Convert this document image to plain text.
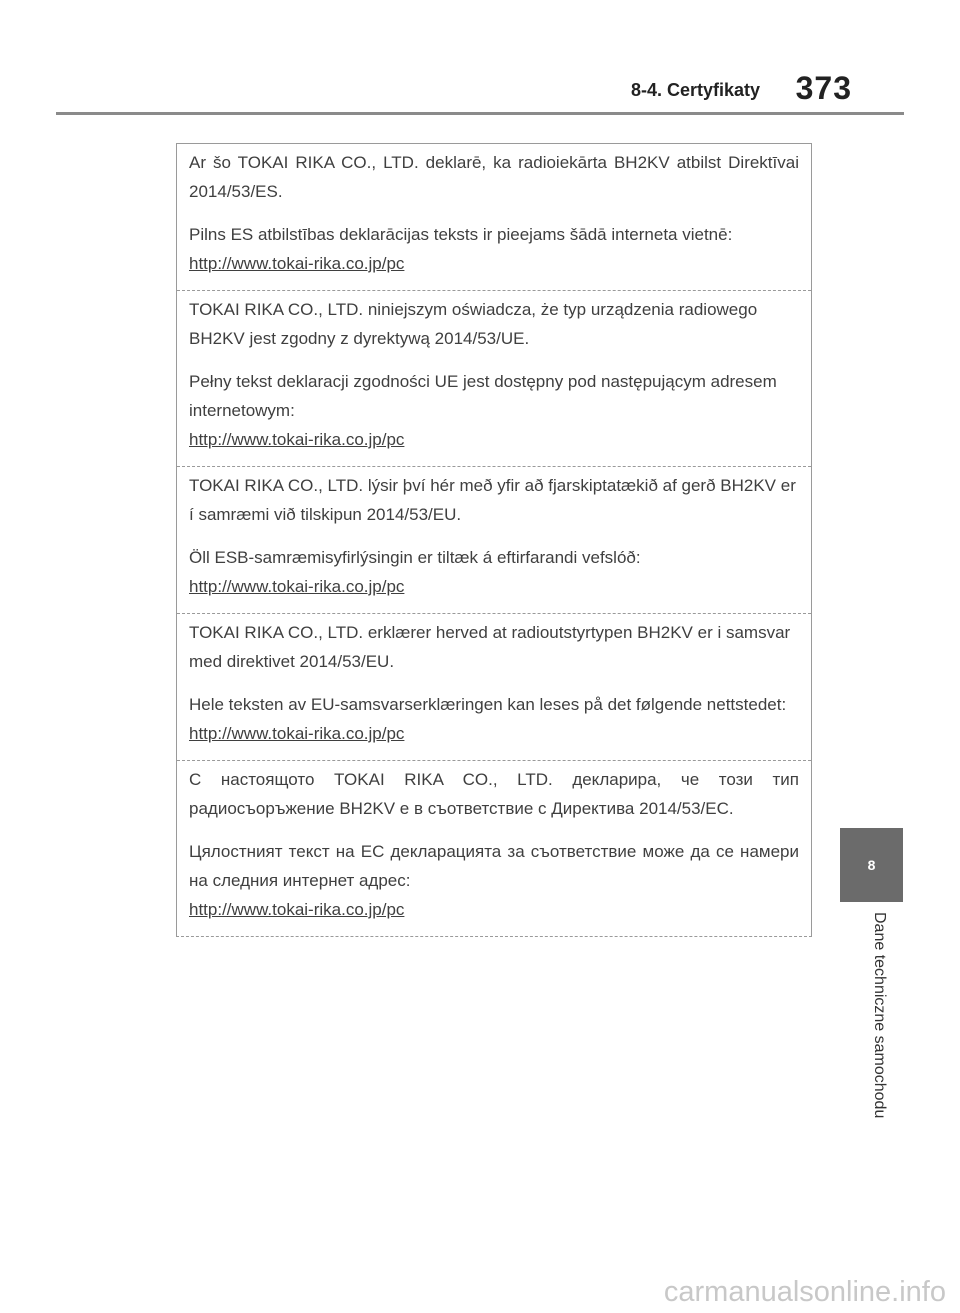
8-4. Certyfikaty 373

Ar šo TOKAI RIKA CO., LTD. deklarē, ka radioiekārta BH2KV atbilst Direktīvai 2014/53/ES.

Pilns ES atbilstības deklarācijas teksts ir pieejams šādā interneta vietnē:

http://www.tokai-rika.co.jp/pc

TOKAI RIKA CO., LTD. niniejszym oświadcza, że typ urządzenia radiowego BH2KV jest zgodny z dyrektywą 2014/53/UE.

Pełny tekst deklaracji zgodności UE jest dostępny pod następującym adresem internetowym:

http://www.tokai-rika.co.jp/pc

TOKAI RIKA CO., LTD. lýsir því hér með yfir að fjarskiptatækið af gerð BH2KV er í samræmi við tilskipun 2014/53/EU.

Öll ESB-samræmisyfirlýsingin er tiltæk á eftirfarandi vefslóð:

http://www.tokai-rika.co.jp/pc

TOKAI RIKA CO., LTD. erklærer herved at radioutstyrtypen BH2KV er i samsvar med direktivet 2014/53/EU.

Hele teksten av EU-samsvarserklæringen kan leses på det følgende nettstedet:

http://www.tokai-rika.co.jp/pc

С настоящото TOKAI RIKA CO., LTD. декларира, че този тип радиосъоръжение BH2KV е в съответствие с Директива 2014/53/ЕС.

Цялостният текст на ЕС декларацията за съответствие може да се намери на следния интернет адрес:

http://www.tokai-rika.co.jp/pc
8
Dane techniczne samochodu
carmanualsonline.info
